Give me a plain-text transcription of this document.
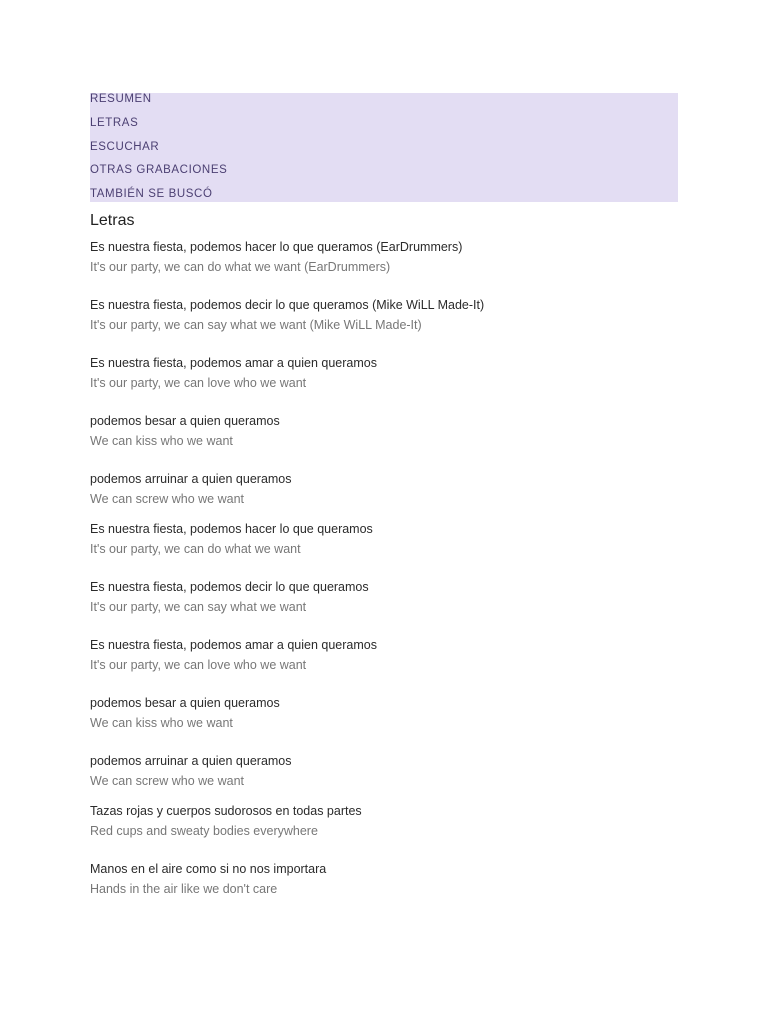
RESUMEN
LETRAS
ESCUCHAR
OTRAS GRABACIONES
TAMBIÉN SE BUSCÓ
Letras
Es nuestra fiesta, podemos hacer lo que queramos (EarDrummers)
It's our party, we can do what we want (EarDrummers)
Es nuestra fiesta, podemos decir lo que queramos (Mike WiLL Made-It)
It's our party, we can say what we want (Mike WiLL Made-It)
Es nuestra fiesta, podemos amar a quien queramos
It's our party, we can love who we want
podemos besar a quien queramos
We can kiss who we want
podemos arruinar a quien queramos
We can screw who we want
Es nuestra fiesta, podemos hacer lo que queramos
It's our party, we can do what we want
Es nuestra fiesta, podemos decir lo que queramos
It's our party, we can say what we want
Es nuestra fiesta, podemos amar a quien queramos
It's our party, we can love who we want
podemos besar a quien queramos
We can kiss who we want
podemos arruinar a quien queramos
We can screw who we want
Tazas rojas y cuerpos sudorosos en todas partes
Red cups and sweaty bodies everywhere
Manos en el aire como si no nos importara
Hands in the air like we don't care
